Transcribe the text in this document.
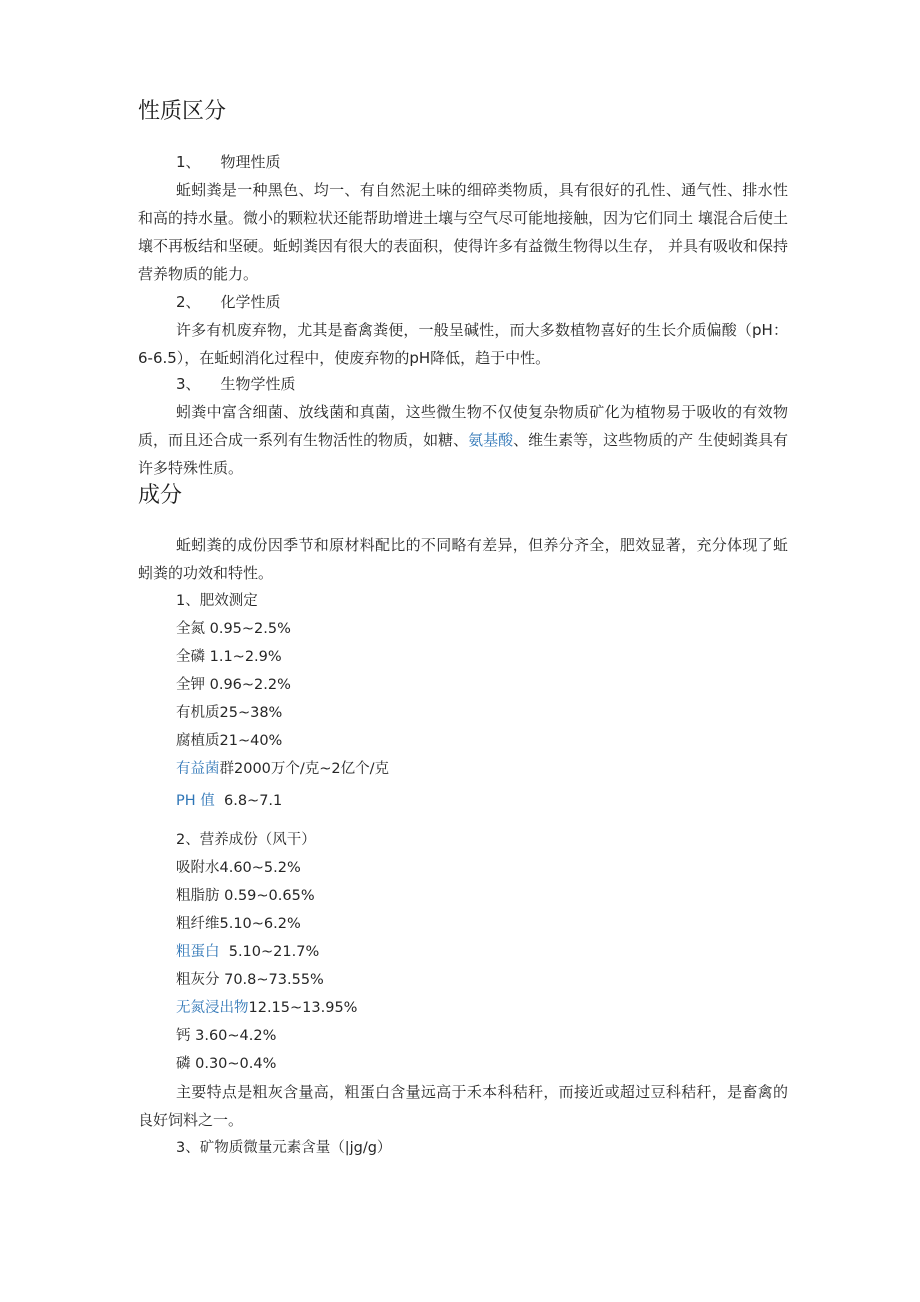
性质区分
1、 物理性质
蚯蚓粪是一种黑色、均一、有自然泥土味的细碎类物质，具有很好的孔性、通气性、排水性和高的持水量。微小的颗粒状还能帮助增进土壤与空气尽可能地接触，因为它们同土 壤混合后使土壤不再板结和坚硬。蚯蚓粪因有很大的表面积，使得许多有益微生物得以生存， 并具有吸收和保持营养物质的能力。
2、 化学性质
许多有机废弃物，尤其是畜禽粪便，一般呈碱性，而大多数植物喜好的生长介质偏酸（pH： 6-6.5），在蚯蚓消化过程中，使废弃物的pH降低，趋于中性。
3、 生物学性质
蚓粪中富含细菌、放线菌和真菌，这些微生物不仅使复杂物质矿化为植物易于吸收的有效物质，而且还合成一系列有生物活性的物质，如糖、氨基酸、维生素等，这些物质的产 生使蚓粪具有许多特殊性质。
成分
蚯蚓粪的成份因季节和原材料配比的不同略有差异，但养分齐全，肥效显著，充分体现了蚯蚓粪的功效和特性。
1、肥效测定
全氮 0.95~2.5%
全磷 1.1~2.9%
全钾 0.96~2.2%
有机质25~38%
腐植质21~40%
有益菌群2000万个/克~2亿个/克
PH 值  6.8~7.1
2、营养成份（风干）
吸附水4.60~5.2%
粗脂肪 0.59~0.65%
粗纤维5.10~6.2%
粗蛋白  5.10~21.7%
粗灰分 70.8~73.55%
无氮浸出物12.15~13.95%
钙 3.60~4.2%
磷 0.30~0.4%
主要特点是粗灰含量高，粗蛋白含量远高于禾本科秸秆，而接近或超过豆科秸秆，是畜禽的良好饲料之一。
3、矿物质微量元素含量（|jg/g）
